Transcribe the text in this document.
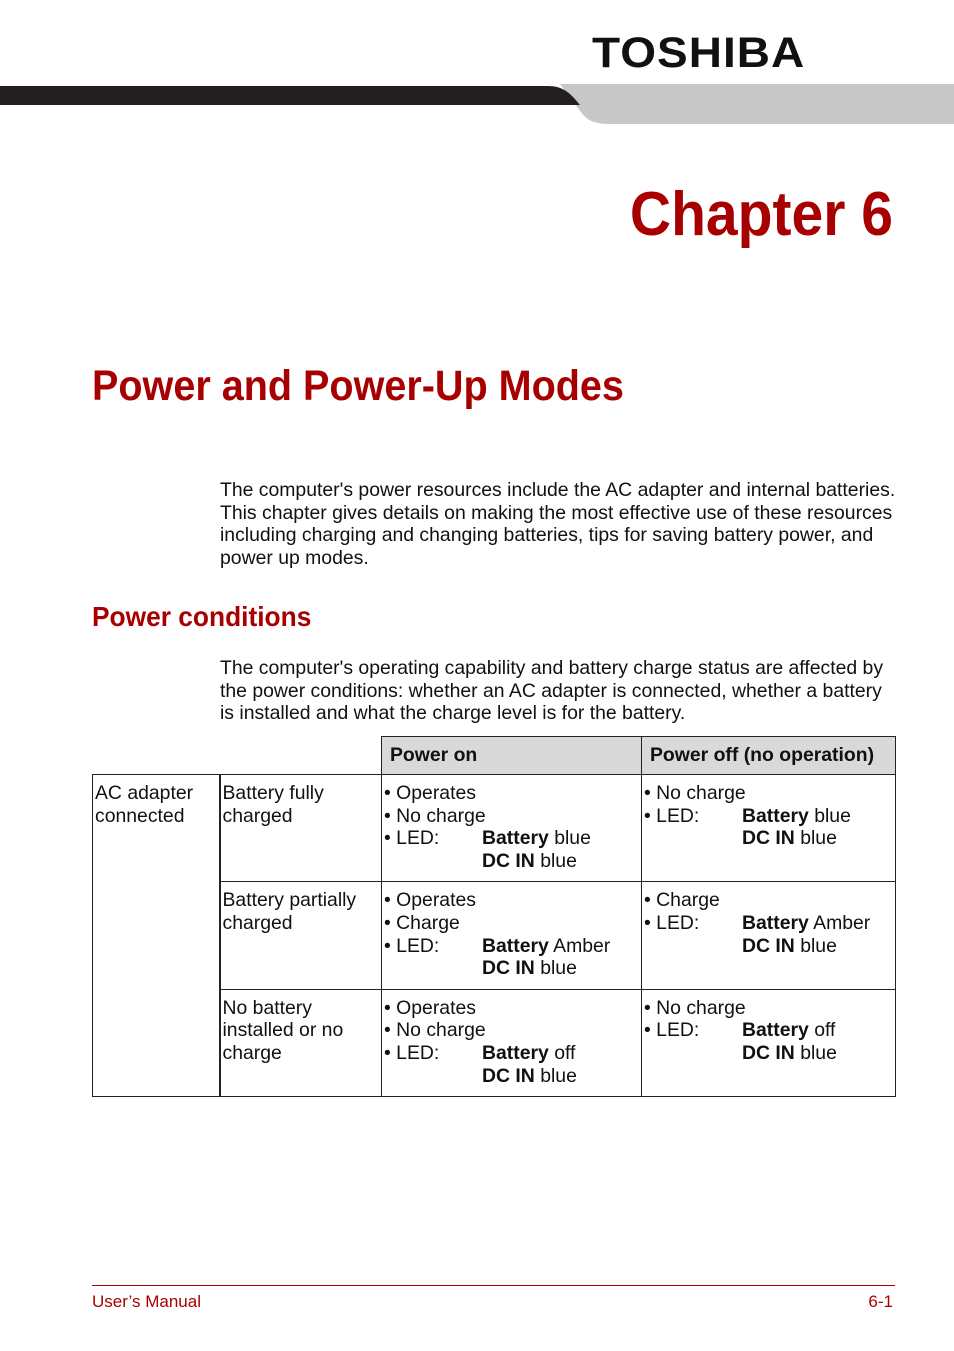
TOSHIBA
Chapter 6
Power and Power-Up Modes

The computer's power resources include the AC adapter and internal batteries. This chapter gives details on making the most effective use of these resources including charging and changing batteries, tips for saving battery power, and power up modes.

Power conditions

The computer's operating capability and battery charge status are affected by the power conditions: whether an AC adapter is connected, whether a battery is installed and what the charge level is for the battery.

		Power on	Power off (no operation)
AC adapter connected	Battery fully charged	• Operates
• No charge
• LED: Battery blue
DC IN blue	• No charge
• LED: Battery blue
DC IN blue

	Battery partially charged	• Operates
• Charge
• LED: Battery Amber
DC IN blue	• Charge
• LED: Battery Amber
DC IN blue

	No battery installed or no charge	• Operates
• No charge
• LED: Battery off
DC IN blue	• No charge
• LED: Battery off
DC IN blue
User’s Manual	6-1
